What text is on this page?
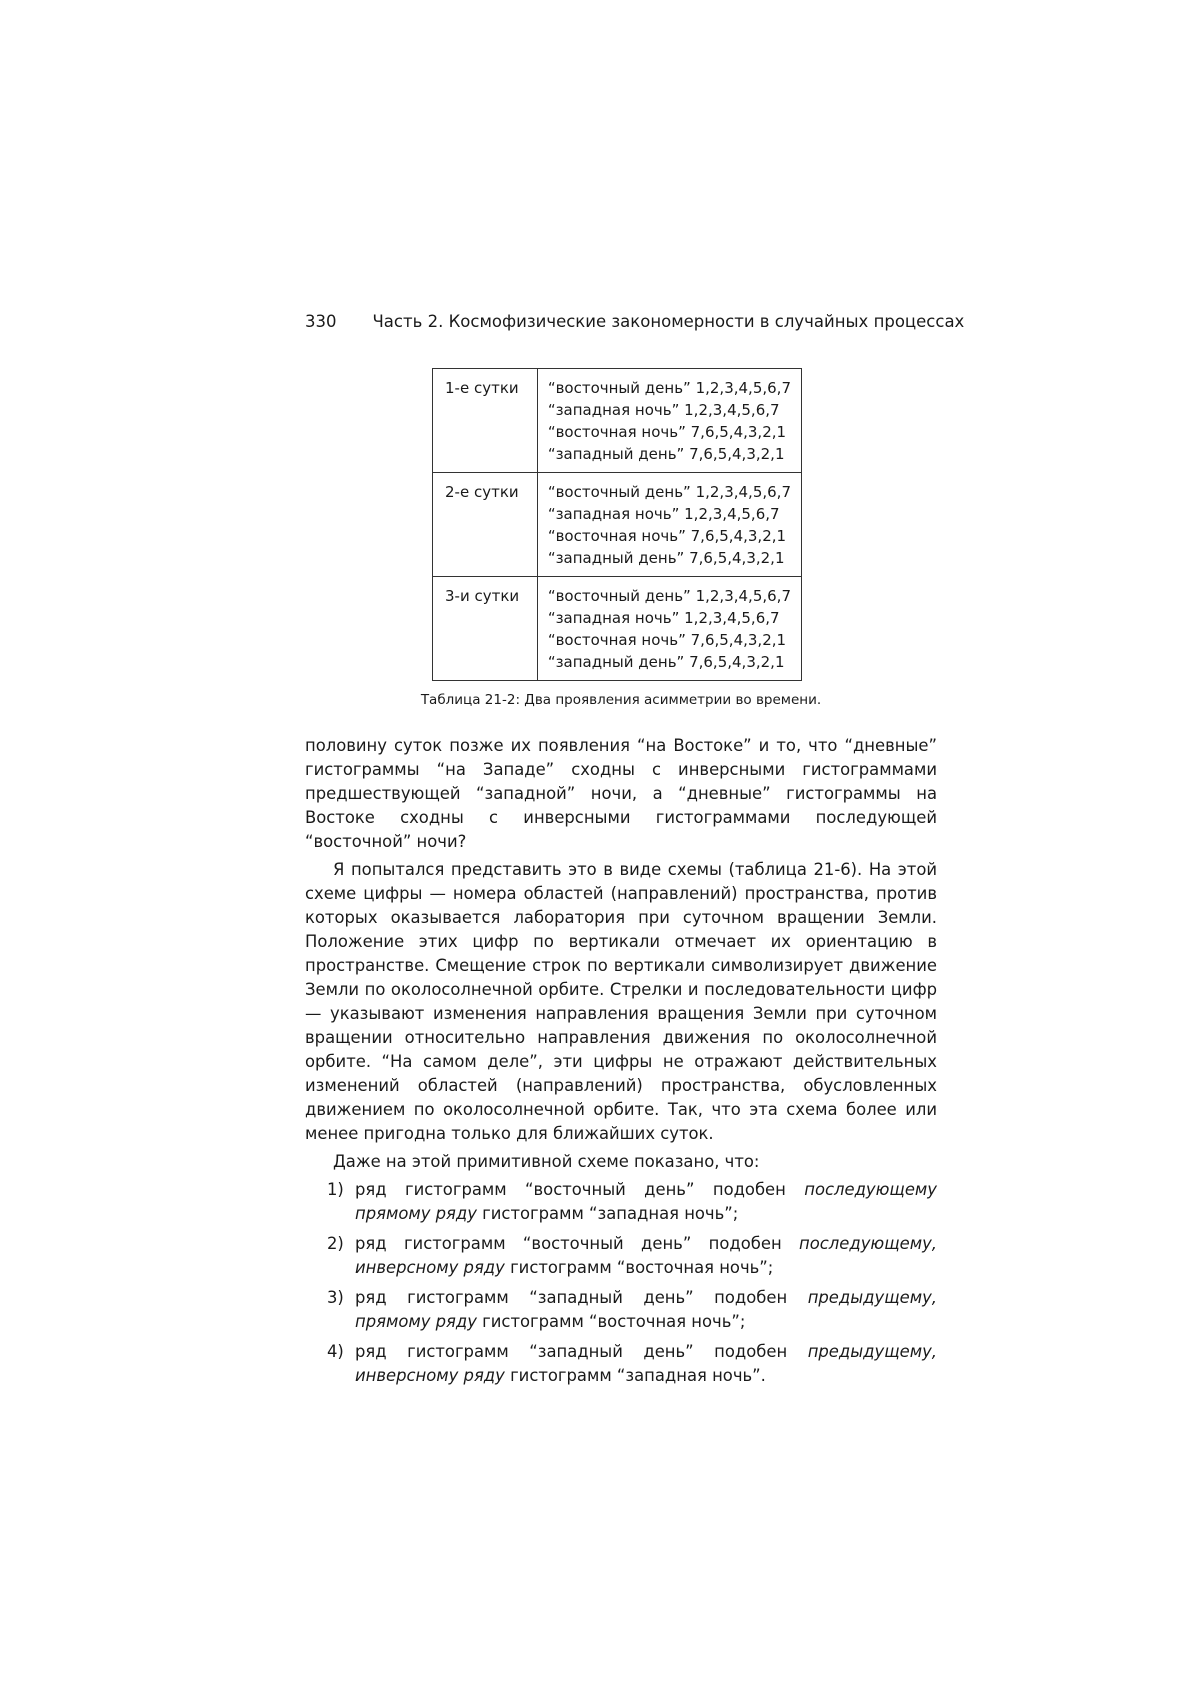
330 Часть 2. Космофизические закономерности в случайных процессах
1-е сутки	“восточный день” 1,2,3,4,5,6,7
“западная ночь” 1,2,3,4,5,6,7
“восточная ночь” 7,6,5,4,3,2,1
“западный день” 7,6,5,4,3,2,1

2-е сутки	“восточный день” 1,2,3,4,5,6,7
“западная ночь” 1,2,3,4,5,6,7
“восточная ночь” 7,6,5,4,3,2,1
“западный день” 7,6,5,4,3,2,1

3-и сутки	“восточный день” 1,2,3,4,5,6,7
“западная ночь” 1,2,3,4,5,6,7
“восточная ночь” 7,6,5,4,3,2,1
“западный день” 7,6,5,4,3,2,1
Таблица 21-2: Два проявления асимметрии во времени.

половину суток позже их появления “на Востоке” и то, что “дневные” гистограммы “на Западе” сходны с инверсными гистограммами предшествующей “западной” ночи, а “дневные” гистограммы на Востоке сходны с инверсными гистограммами последующей “восточной” ночи?

Я попытался представить это в виде схемы (таблица 21-6). На этой схеме цифры — номера областей (направлений) пространства, против которых оказывается лаборатория при суточном вращении Земли. Положение этих цифр по вертикали отмечает их ориентацию в пространстве. Смещение строк по вертикали символизирует движение Земли по околосолнечной орбите. Стрелки и последовательности цифр — указывают изменения направления вращения Земли при суточном вращении относительно направления движения по околосолнечной орбите. “На самом деле”, эти цифры не отражают действительных изменений областей (направлений) пространства, обусловленных движением по околосолнечной орбите. Так, что эта схема более или менее пригодна только для ближайших суток.

Даже на этой примитивной схеме показано, что:

1) ряд гистограмм “восточный день” подобен последующему прямому ряду гистограмм “западная ночь”;
2) ряд гистограмм “восточный день” подобен последующему, инверсному ряду гистограмм “восточная ночь”;
3) ряд гистограмм “западный день” подобен предыдущему, прямому ряду гистограмм “восточная ночь”;
4) ряд гистограмм “западный день” подобен предыдущему, инверсному ряду гистограмм “западная ночь”.
